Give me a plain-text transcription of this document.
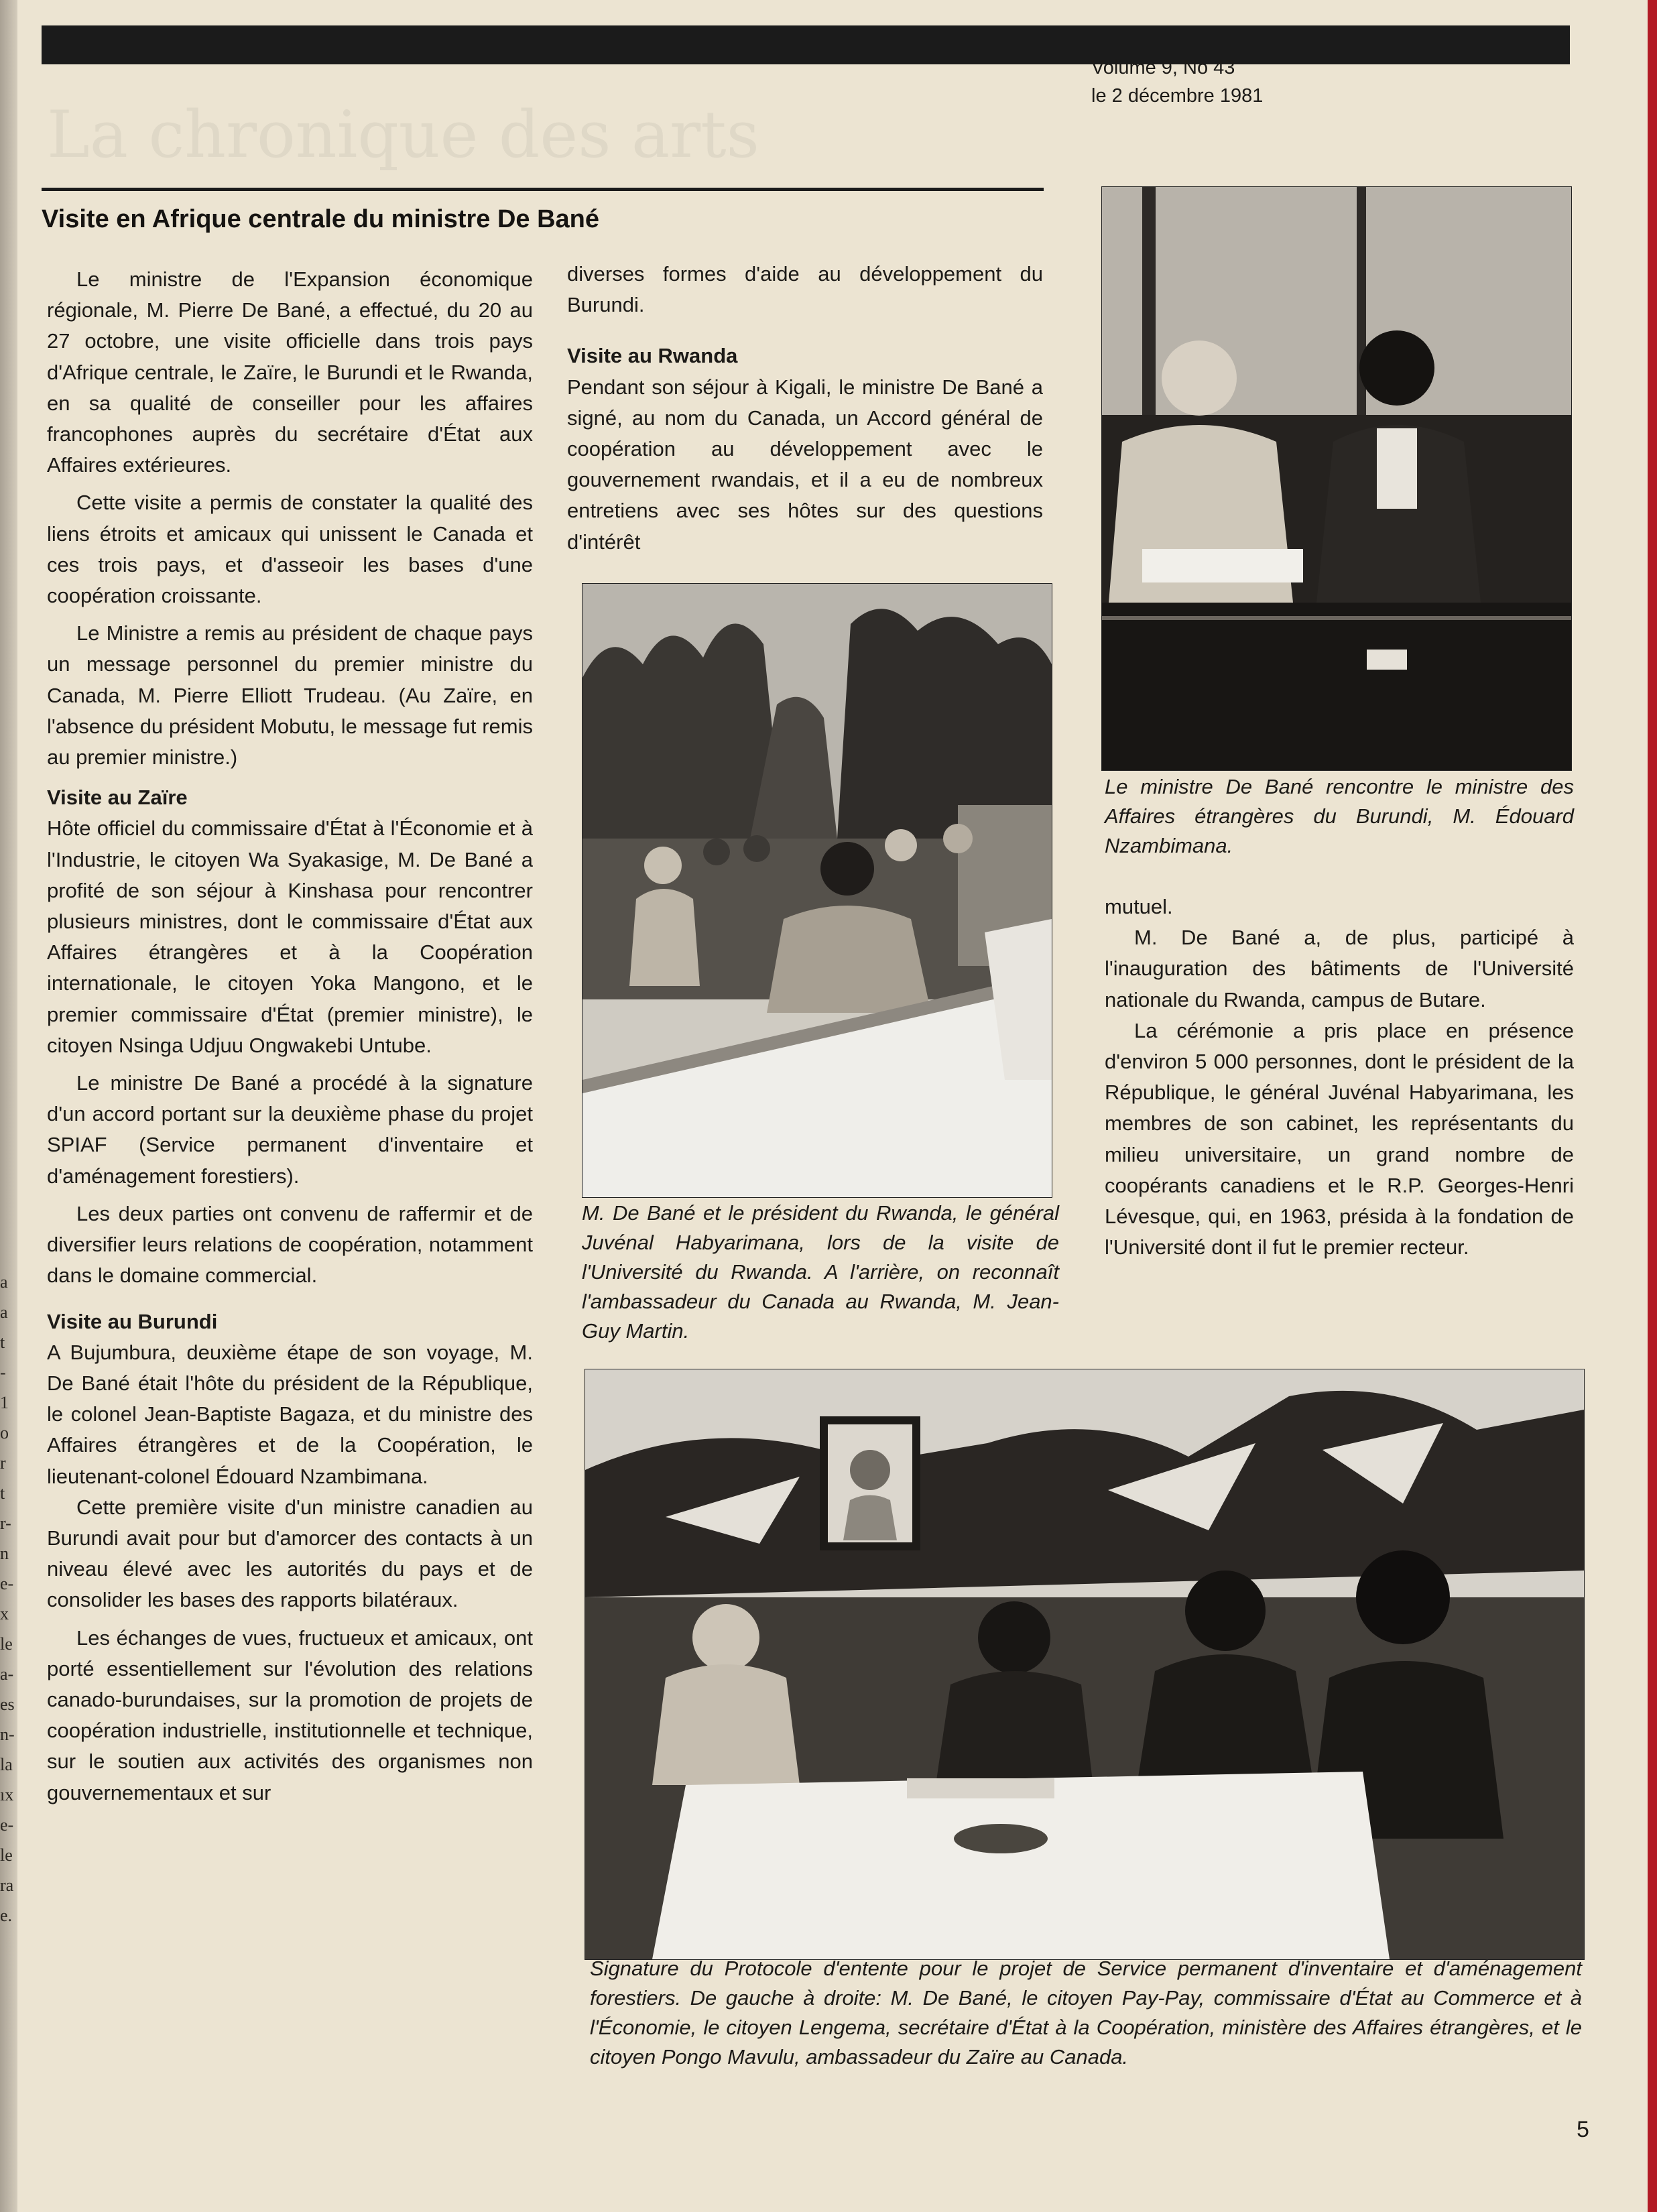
a
a
t
-
1
o
r
t
r-
n
e-
x
le
a-
es
n-
la
ıx
e-
le
ra
e.
Volume 9, No 43
le 2 décembre 1981
La chronique des arts
Visite en Afrique centrale du ministre De Bané

Le ministre de l'Expansion économique régionale, M. Pierre De Bané, a effectué, du 20 au 27 octobre, une visite officielle dans trois pays d'Afrique centrale, le Zaïre, le Burundi et le Rwanda, en sa qualité de conseiller pour les affaires francophones auprès du secrétaire d'État aux Affaires extérieures.

Cette visite a permis de constater la qualité des liens étroits et amicaux qui unissent le Canada et ces trois pays, et d'asseoir les bases d'une coopération croissante.

Le Ministre a remis au président de chaque pays un message personnel du premier ministre du Canada, M. Pierre Elliott Trudeau. (Au Zaïre, en l'absence du président Mobutu, le message fut remis au premier ministre.)

Visite au Zaïre

Hôte officiel du commissaire d'État à l'Économie et à l'Industrie, le citoyen Wa Syakasige, M. De Bané a profité de son séjour à Kinshasa pour rencontrer plusieurs ministres, dont le commissaire d'État aux Affaires étrangères et à la Coopération internationale, le citoyen Yoka Mangono, et le premier commissaire d'État (premier ministre), le citoyen Nsinga Udjuu Ongwakebi Untube.

Le ministre De Bané a procédé à la signature d'un accord portant sur la deuxième phase du projet SPIAF (Service permanent d'inventaire et d'aménagement forestiers).

Les deux parties ont convenu de raffermir et de diversifier leurs relations de coopération, notamment dans le domaine commercial.

Visite au Burundi

A Bujumbura, deuxième étape de son voyage, M. De Bané était l'hôte du président de la République, le colonel Jean-Baptiste Bagaza, et du ministre des Affaires étrangères et de la Coopération, le lieutenant-colonel Édouard Nzambimana.

Cette première visite d'un ministre canadien au Burundi avait pour but d'amorcer des contacts à un niveau élevé avec les autorités du pays et de consolider les bases des rapports bilatéraux.

Les échanges de vues, fructueux et amicaux, ont porté essentiellement sur l'évolution des relations canado-burundaises, sur la promotion de projets de coopération industrielle, institutionnelle et technique, sur le soutien aux activités des organismes non gouvernementaux et sur

diverses formes d'aide au développement du Burundi.

Visite au Rwanda

Pendant son séjour à Kigali, le ministre De Bané a signé, au nom du Canada, un Accord général de coopération au développement avec le gouvernement rwandais, et il a eu de nombreux entretiens avec ses hôtes sur des questions d'intérêt

M. De Bané et le président du Rwanda, le général Juvénal Habyarimana, lors de la visite de l'Université du Rwanda. A l'arrière, on reconnaît l'ambassadeur du Canada au Rwanda, M. Jean-Guy Martin.

Le ministre De Bané rencontre le ministre des Affaires étrangères du Burundi, M. Édouard Nzambimana.

mutuel.

M. De Bané a, de plus, participé à l'inauguration des bâtiments de l'Université nationale du Rwanda, campus de Butare.

La cérémonie a pris place en présence d'environ 5 000 personnes, dont le président de la République, le général Juvénal Habyarimana, les membres de son cabinet, les représentants du milieu universitaire, un grand nombre de coopérants canadiens et le R.P. Georges-Henri Lévesque, qui, en 1963, présida à la fondation de l'Université dont il fut le premier recteur.

Signature du Protocole d'entente pour le projet de Service permanent d'inventaire et d'aménagement forestiers. De gauche à droite: M. De Bané, le citoyen Pay-Pay, commissaire d'État au Commerce et à l'Économie, le citoyen Lengema, secrétaire d'État à la Coopération, ministère des Affaires étrangères, et le citoyen Pongo Mavulu, ambassadeur du Zaïre au Canada.

5
